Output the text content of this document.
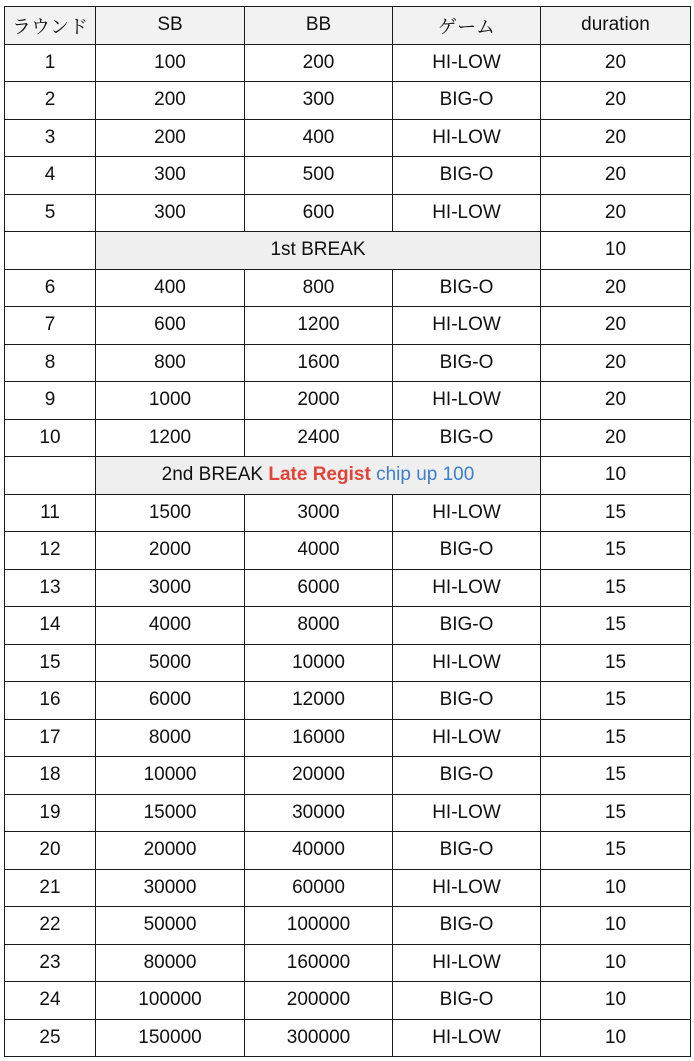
ラウンド	SB	BB	ゲーム	duration
1	100	200	HI-LOW	20
2	200	300	BIG-O	20
3	200	400	HI-LOW	20
4	300	500	BIG-O	20
5	300	600	HI-LOW	20
	1st BREAK			10
6	400	800	BIG-O	20
7	600	1200	HI-LOW	20
8	800	1600	BIG-O	20
9	1000	2000	HI-LOW	20
10	1200	2400	BIG-O	20
	2nd BREAK Late Regist chip up 100			10
11	1500	3000	HI-LOW	15
12	2000	4000	BIG-O	15
13	3000	6000	HI-LOW	15
14	4000	8000	BIG-O	15
15	5000	10000	HI-LOW	15
16	6000	12000	BIG-O	15
17	8000	16000	HI-LOW	15
18	10000	20000	BIG-O	15
19	15000	30000	HI-LOW	15
20	20000	40000	BIG-O	15
21	30000	60000	HI-LOW	10
22	50000	100000	BIG-O	10
23	80000	160000	HI-LOW	10
24	100000	200000	BIG-O	10
25	150000	300000	HI-LOW	10
